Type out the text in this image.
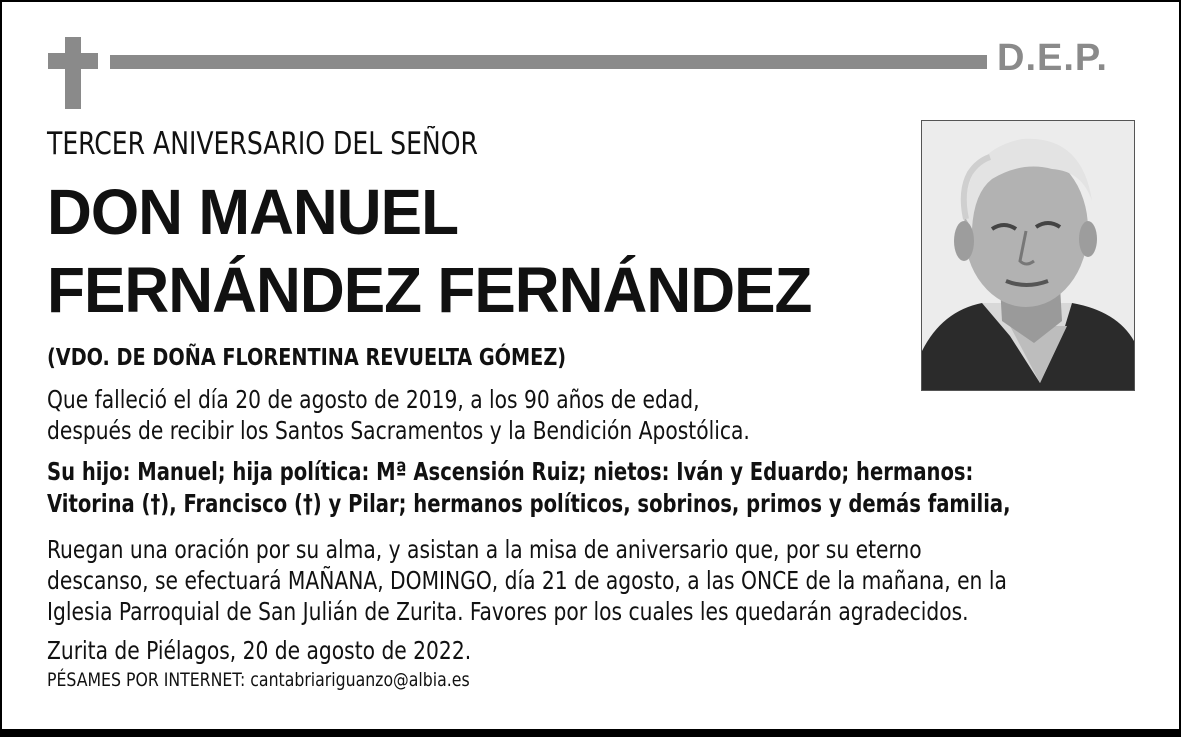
D.E.P.
TERCER ANIVERSARIO DEL SEÑOR
DON MANUEL
FERNÁNDEZ FERNÁNDEZ
(VDO. DE DOÑA FLORENTINA REVUELTA GÓMEZ)
Que falleció el día 20 de agosto de 2019, a los 90 años de edad,
después de recibir los Santos Sacramentos y la Bendición Apostólica.
Su hijo: Manuel; hija política: Mª Ascensión Ruiz; nietos: Iván y Eduardo; hermanos:
Vitorina (†), Francisco (†) y Pilar; hermanos políticos, sobrinos, primos y demás familia,
Ruegan una oración por su alma, y asistan a la misa de aniversario que, por su eterno
descanso, se efectuará MAÑANA, DOMINGO, día 21 de agosto, a las ONCE de la mañana, en la
Iglesia Parroquial de San Julián de Zurita. Favores por los cuales les quedarán agradecidos.
Zurita de Piélagos, 20 de agosto de 2022.
PÉSAMES POR INTERNET: cantabriariguanzo@albia.es
